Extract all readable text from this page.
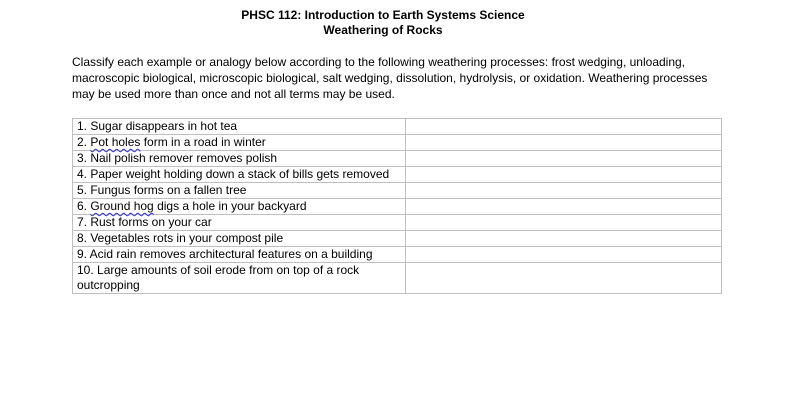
PHSC 112: Introduction to Earth Systems Science
Weathering of Rocks
Classify each example or analogy below according to the following weathering processes: frost wedging, unloading, macroscopic biological, microscopic biological, salt wedging, dissolution, hydrolysis, or oxidation. Weathering processes may be used more than once and not all terms may be used.
1. Sugar disappears in hot tea	
2. Pot holes form in a road in winter	
3. Nail polish remover removes polish	
4. Paper weight holding down a stack of bills gets removed	
5. Fungus forms on a fallen tree	
6. Ground hog digs a hole in your backyard	
7. Rust forms on your car	
8. Vegetables rots in your compost pile	
9. Acid rain removes architectural features on a building	
10. Large amounts of soil erode from on top of a rock outcropping	
